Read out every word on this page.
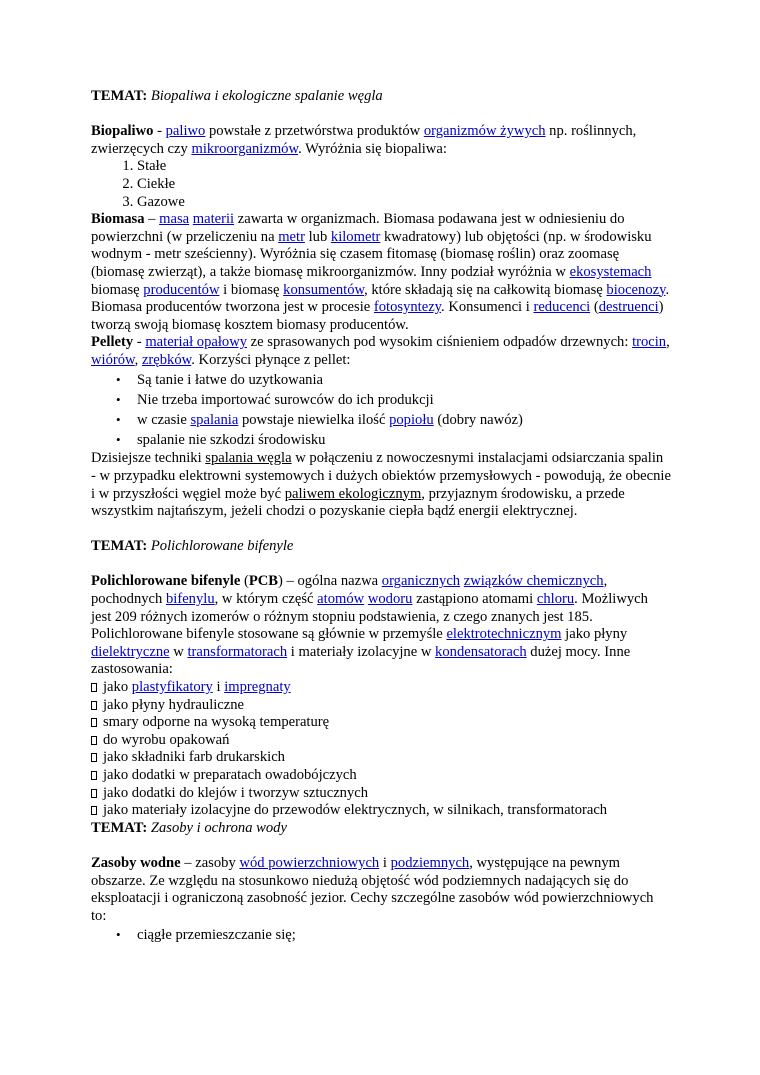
TEMAT: Biopaliwa i ekologiczne spalanie węgla

Biopaliwo - paliwo powstałe z przetwórstwa produktów organizmów żywych np. roślinnych, zwierzęcych czy mikroorganizmów. Wyróżnia się biopaliwa:

1. Stałe
2. Ciekłe
3. Gazowe

Biomasa – masa materii zawarta w organizmach. Biomasa podawana jest w odniesieniu do powierzchni (w przeliczeniu na metr lub kilometr kwadratowy) lub objętości (np. w środowisku wodnym - metr sześcienny). Wyróżnia się czasem fitomasę (biomasę roślin) oraz zoomasę (biomasę zwierząt), a także biomasę mikroorganizmów. Inny podział wyróżnia w ekosystemach biomasę producentów i biomasę konsumentów, które składają się na całkowitą biomasę biocenozy. Biomasa producentów tworzona jest w procesie fotosyntezy. Konsumenci i reducenci (destruenci) tworzą swoją biomasę kosztem biomasy producentów.

Pellety - materiał opałowy ze sprasowanych pod wysokim ciśnieniem odpadów drzewnych: trocin, wiórów, zrębków. Korzyści płynące z pellet:

• Są tanie i łatwe do uzytkowania
• Nie trzeba importować surowców do ich produkcji
• w czasie spalania powstaje niewielka ilość popiołu (dobry nawóz)
• spalanie nie szkodzi środowisku

Dzisiejsze techniki spalania węgla w połączeniu z nowoczesnymi instalacjami odsiarczania spalin - w przypadku elektrowni systemowych i dużych obiektów przemysłowych - powodują, że obecnie i w przyszłości węgiel może być paliwem ekologicznym, przyjaznym środowisku, a przede wszystkim najtańszym, jeżeli chodzi o pozyskanie ciepła bądź energii elektrycznej.

TEMAT: Polichlorowane bifenyle

Polichlorowane bifenyle (PCB) – ogólna nazwa organicznych związków chemicznych, pochodnych bifenylu, w którym część atomów wodoru zastąpiono atomami chloru. Możliwych jest 209 różnych izomerów o różnym stopniu podstawienia, z czego znanych jest 185. Polichlorowane bifenyle stosowane są głównie w przemyśle elektrotechnicznym jako płyny dielektryczne w transformatorach i materiały izolacyjne w kondensatorach dużej mocy. Inne zastosowania:

jako plastyfikatory i impregnaty
jako płyny hydrauliczne
smary odporne na wysoką temperaturę
do wyrobu opakowań
jako składniki farb drukarskich
jako dodatki w preparatach owadobójczych
jako dodatki do klejów i tworzyw sztucznych
jako materiały izolacyjne do przewodów elektrycznych, w silnikach, transformatorach

TEMAT: Zasoby i ochrona wody

Zasoby wodne – zasoby wód powierzchniowych i podziemnych, występujące na pewnym obszarze. Ze względu na stosunkowo niedużą objętość wód podziemnych nadających się do eksploatacji i ograniczoną zasobność jezior. Cechy szczególne zasobów wód powierzchniowych to:

• ciągłe przemieszczanie się;
